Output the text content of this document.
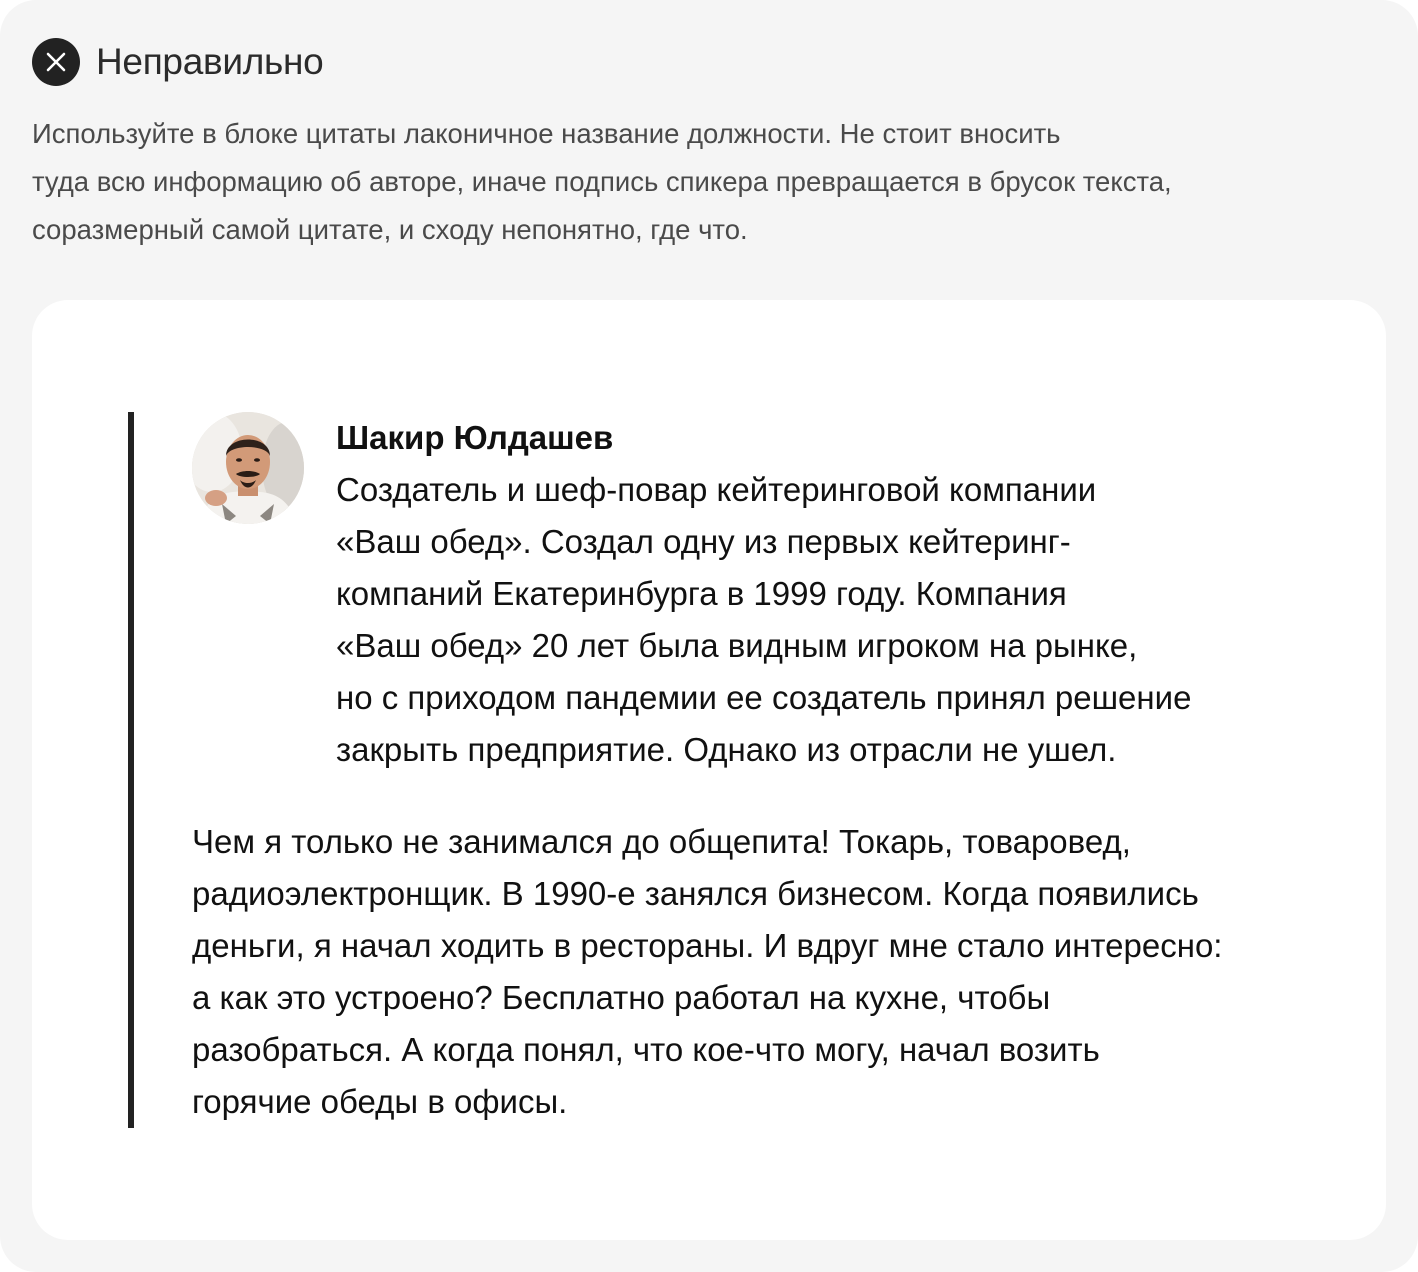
Неправильно

Используйте в блоке цитаты лаконичное название должности. Не стоит вносить
туда всю информацию об авторе, иначе подпись спикера превращается в брусок текста,
соразмерный самой цитате, и сходу непонятно, где что.

Шакир Юлдашев

Создатель и шеф-повар кейтеринговой компании
«Ваш обед». Создал одну из первых кейтеринг-
компаний Екатеринбурга в 1999 году. Компания
«Ваш обед» 20 лет была видным игроком на рынке,
но с приходом пандемии ее создатель принял решение
закрыть предприятие. Однако из отрасли не ушел.

Чем я только не занимался до общепита! Токарь, товаровед,
радиоэлектронщик. В 1990-е занялся бизнесом. Когда появились
деньги, я начал ходить в рестораны. И вдруг мне стало интересно:
а как это устроено? Бесплатно работал на кухне, чтобы
разобраться. А когда понял, что кое-что могу, начал возить
горячие обеды в офисы.
